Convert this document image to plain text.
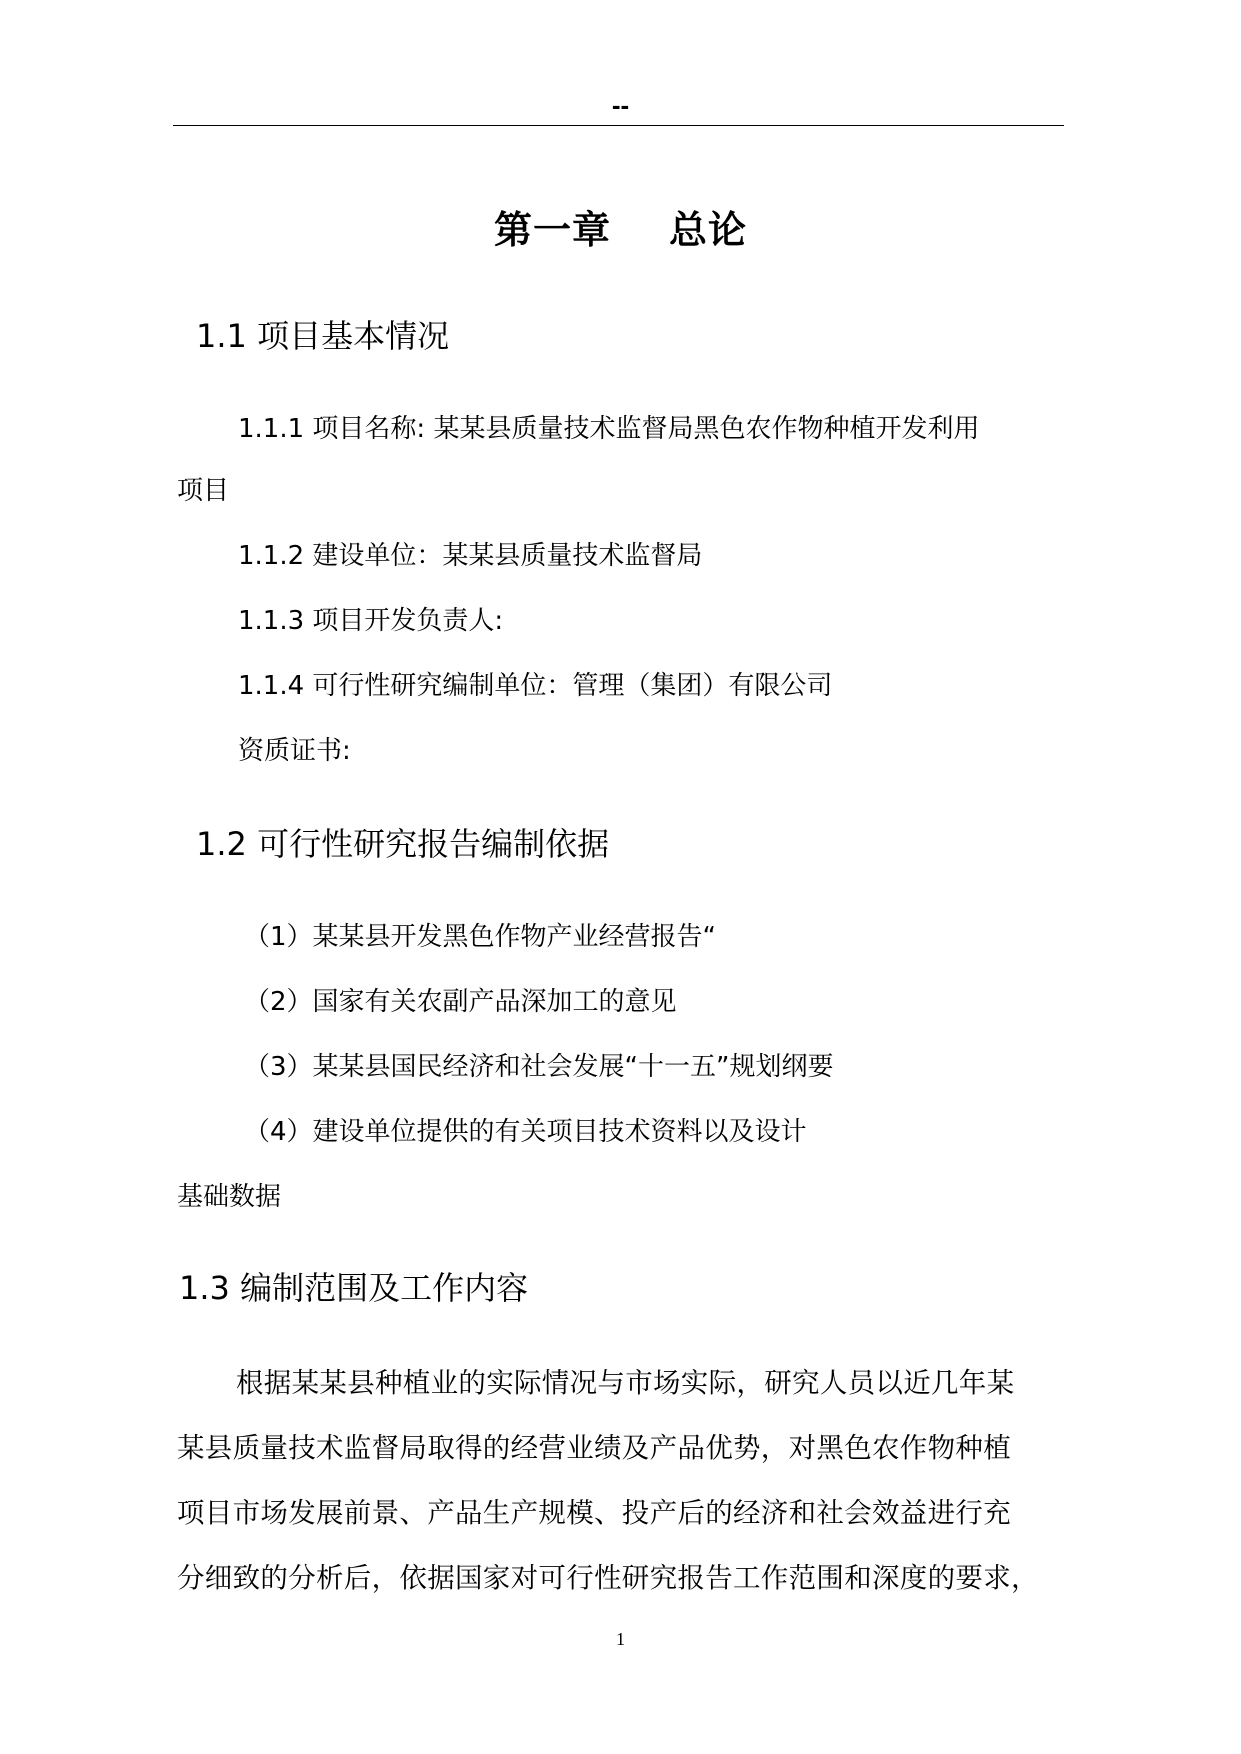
--
第一章 总论
1.1 项目基本情况
1.1.1 项目名称: 某某县质量技术监督局黑色农作物种植开发利用
项目
1.1.2 建设单位：某某县质量技术监督局
1.1.3 项目开发负责人:
1.1.4 可行性研究编制单位：管理（集团）有限公司
资质证书:
1.2 可行性研究报告编制依据
（1）某某县开发黑色作物产业经营报告“
（2）国家有关农副产品深加工的意见
（3）某某县国民经济和社会发展“十一五”规划纲要
（4）建设单位提供的有关项目技术资料以及设计
基础数据
1.3 编制范围及工作内容
根据某某县种植业的实际情况与市场实际，研究人员以近几年某
某县质量技术监督局取得的经营业绩及产品优势，对黑色农作物种植
项目市场发展前景、产品生产规模、投产后的经济和社会效益进行充
分细致的分析后，依据国家对可行性研究报告工作范围和深度的要求，
1
